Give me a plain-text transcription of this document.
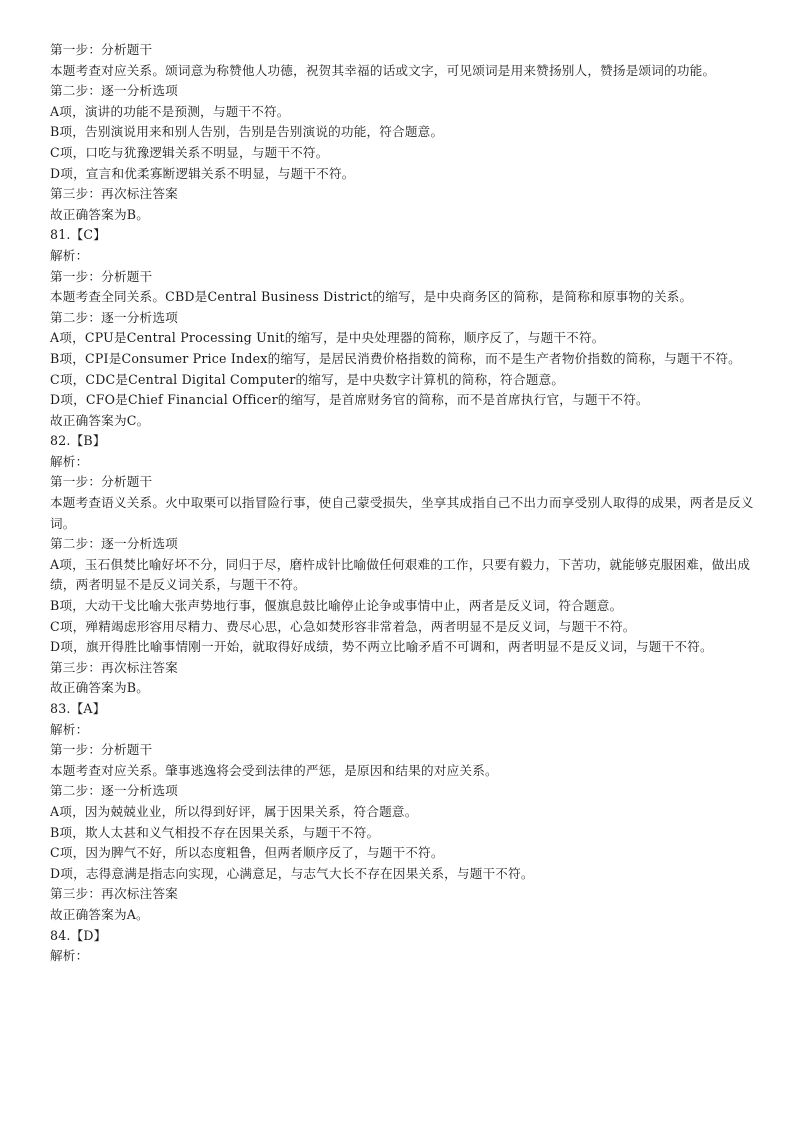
第一步：分析题干

本题考查对应关系。颂词意为称赞他人功德，祝贺其幸福的话或文字，可见颂词是用来赞扬别人，赞扬是颂词的功能。

第二步：逐一分析选项

A项，演讲的功能不是预测，与题干不符。

B项，告别演说用来和别人告别，告别是告别演说的功能，符合题意。

C项，口吃与犹豫逻辑关系不明显，与题干不符。

D项，宣言和优柔寡断逻辑关系不明显，与题干不符。

第三步：再次标注答案

故正确答案为B。

81.【C】

解析：

第一步：分析题干

本题考查全同关系。CBD是Central Business District的缩写，是中央商务区的简称，是简称和原事物的关系。

第二步：逐一分析选项

A项，CPU是Central Processing Unit的缩写，是中央处理器的简称，顺序反了，与题干不符。

B项，CPI是Consumer Price Index的缩写，是居民消费价格指数的简称，而不是生产者物价指数的简称，与题干不符。

C项，CDC是Central Digital Computer的缩写，是中央数字计算机的简称，符合题意。

D项，CFO是Chief Financial Officer的缩写，是首席财务官的简称，而不是首席执行官，与题干不符。

故正确答案为C。

82.【B】

解析：

第一步：分析题干

本题考查语义关系。火中取栗可以指冒险行事，使自己蒙受损失，坐享其成指自己不出力而享受别人取得的成果，两者是反义词。

第二步：逐一分析选项

A项，玉石俱焚比喻好坏不分，同归于尽，磨杵成针比喻做任何艰难的工作，只要有毅力，下苦功，就能够克服困难，做出成绩，两者明显不是反义词关系，与题干不符。

B项，大动干戈比喻大张声势地行事，偃旗息鼓比喻停止论争或事情中止，两者是反义词，符合题意。

C项，殚精竭虑形容用尽精力、费尽心思，心急如焚形容非常着急，两者明显不是反义词，与题干不符。

D项，旗开得胜比喻事情刚一开始，就取得好成绩，势不两立比喻矛盾不可调和，两者明显不是反义词，与题干不符。

第三步：再次标注答案

故正确答案为B。

83.【A】

解析：

第一步：分析题干

本题考查对应关系。肇事逃逸将会受到法律的严惩，是原因和结果的对应关系。

第二步：逐一分析选项

A项，因为兢兢业业，所以得到好评，属于因果关系，符合题意。

B项，欺人太甚和义气相投不存在因果关系，与题干不符。

C项，因为脾气不好，所以态度粗鲁，但两者顺序反了，与题干不符。

D项，志得意满是指志向实现，心满意足，与志气大长不存在因果关系，与题干不符。

第三步：再次标注答案

故正确答案为A。

84.【D】

解析：
